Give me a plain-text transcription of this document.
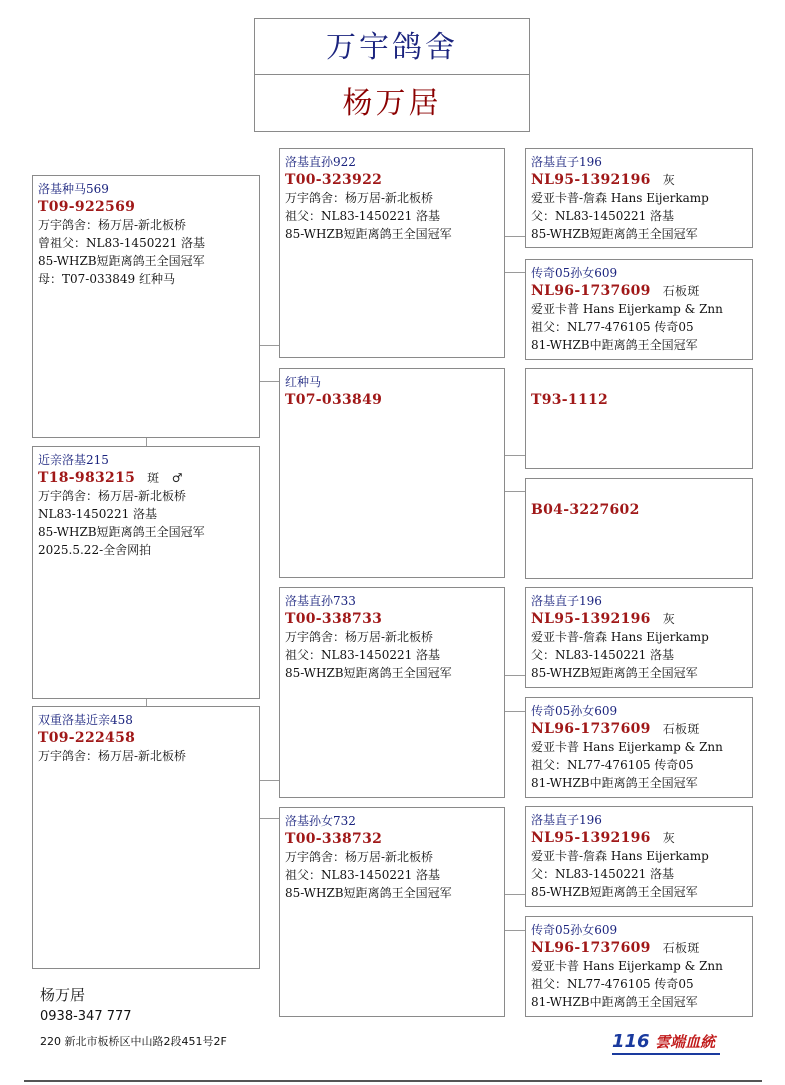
万宇鸽舍
杨万居
洛基种马569
T09-922569
万宇鸽舍：杨万居-新北板桥
曾祖父：NL83-1450221 洛基
85-WHZB短距离鸽王全国冠军
母：T07-033849 红种马
近亲洛基215
T18-983215 斑　♂
万宇鸽舍：杨万居-新北板桥
NL83-1450221 洛基
85-WHZB短距离鸽王全国冠军
2025.5.22-全舍网拍
双重洛基近亲458
T09-222458
万宇鸽舍：杨万居-新北板桥
洛基直孙922
T00-323922
万宇鸽舍：杨万居-新北板桥
祖父：NL83-1450221 洛基
85-WHZB短距离鸽王全国冠军
红种马
T07-033849
洛基直孙733
T00-338733
万宇鸽舍：杨万居-新北板桥
祖父：NL83-1450221 洛基
85-WHZB短距离鸽王全国冠军
洛基孙女732
T00-338732
万宇鸽舍：杨万居-新北板桥
祖父：NL83-1450221 洛基
85-WHZB短距离鸽王全国冠军
洛基直子196
NL95-1392196 灰
爱亚卡普-詹森 Hans Eijerkamp
父：NL83-1450221 洛基
85-WHZB短距离鸽王全国冠军
传奇05孙女609
NL96-1737609 石板斑
爱亚卡普 Hans Eijerkamp & Znn
祖父：NL77-476105 传奇05
81-WHZB中距离鸽王全国冠军
T93-1112
B04-3227602
洛基直子196
NL95-1392196 灰
爱亚卡普-詹森 Hans Eijerkamp
父：NL83-1450221 洛基
85-WHZB短距离鸽王全国冠军
传奇05孙女609
NL96-1737609 石板斑
爱亚卡普 Hans Eijerkamp & Znn
祖父：NL77-476105 传奇05
81-WHZB中距离鸽王全国冠军
洛基直子196
NL95-1392196 灰
爱亚卡普-詹森 Hans Eijerkamp
父：NL83-1450221 洛基
85-WHZB短距离鸽王全国冠军
传奇05孙女609
NL96-1737609 石板斑
爱亚卡普 Hans Eijerkamp & Znn
祖父：NL77-476105 传奇05
81-WHZB中距离鸽王全国冠军
杨万居
0938-347 777
220 新北市板桥区中山路2段451号2F	116 雲端血統
